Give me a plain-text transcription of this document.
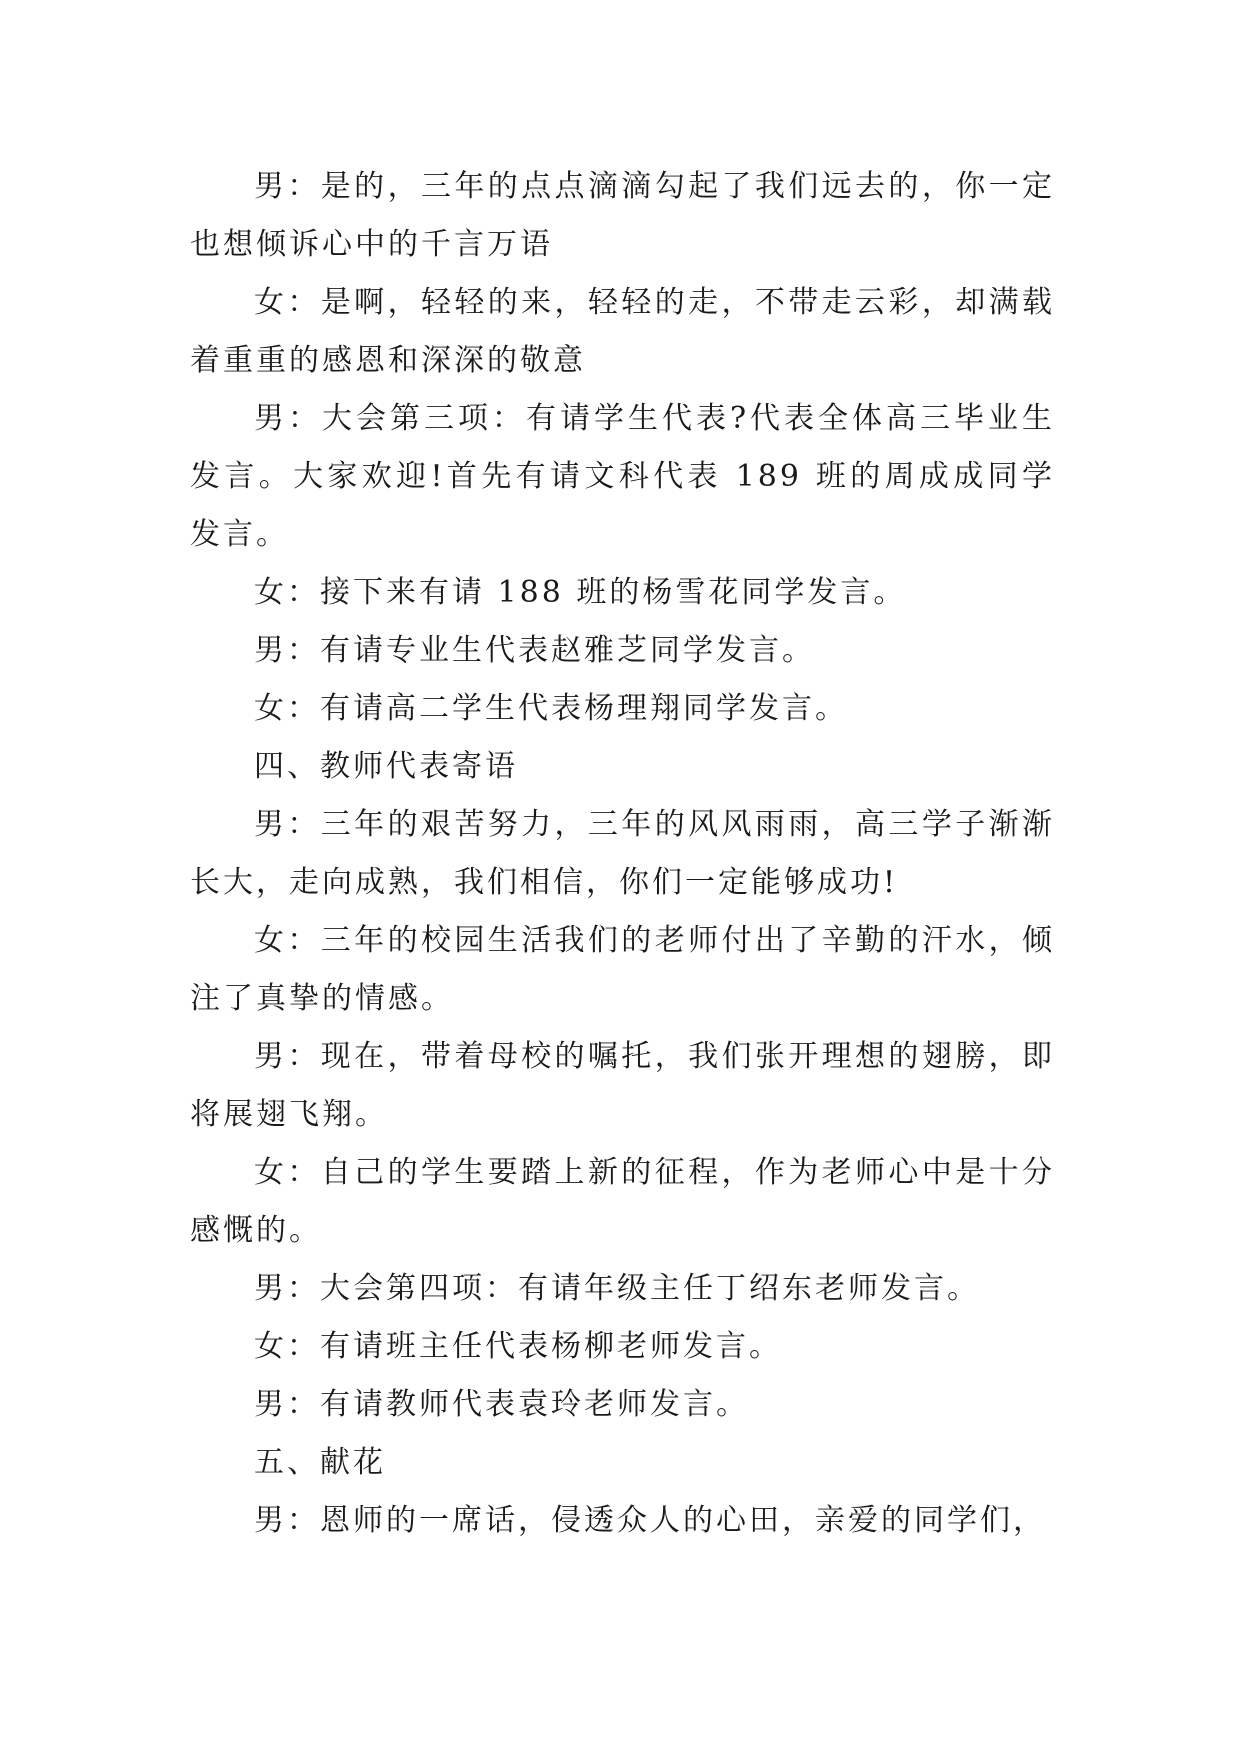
男：是的，三年的点点滴滴勾起了我们远去的，你一定也想倾诉心中的千言万语

女：是啊，轻轻的来，轻轻的走，不带走云彩，却满载着重重的感恩和深深的敬意

男：大会第三项：有请学生代表?代表全体高三毕业生发言。大家欢迎!首先有请文科代表 189 班的周成成同学发言。

女：接下来有请 188 班的杨雪花同学发言。

男：有请专业生代表赵雅芝同学发言。

女：有请高二学生代表杨理翔同学发言。

四、教师代表寄语

男：三年的艰苦努力，三年的风风雨雨，高三学子渐渐长大，走向成熟，我们相信，你们一定能够成功!

女：三年的校园生活我们的老师付出了辛勤的汗水，倾注了真挚的情感。

男：现在，带着母校的嘱托，我们张开理想的翅膀，即将展翅飞翔。

女：自己的学生要踏上新的征程，作为老师心中是十分感慨的。

男：大会第四项：有请年级主任丁绍东老师发言。

女：有请班主任代表杨柳老师发言。

男：有请教师代表袁玲老师发言。

五、献花

男：恩师的一席话，侵透众人的心田，亲爱的同学们，
